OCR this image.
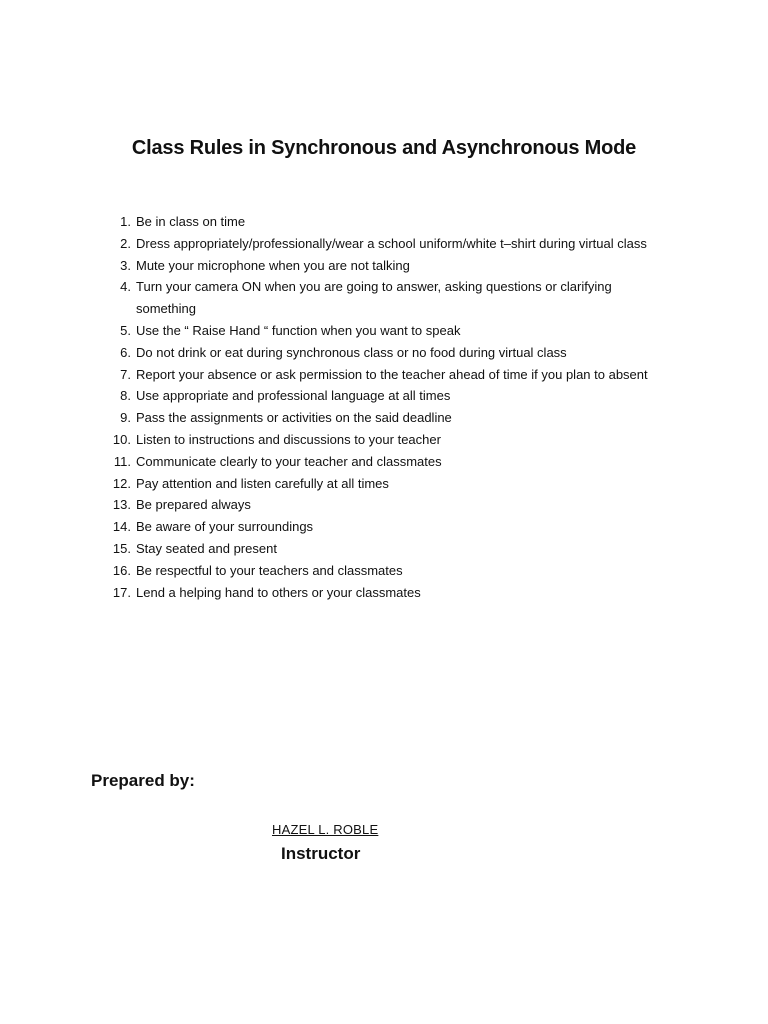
Class Rules in Synchronous and Asynchronous Mode
1. Be in class on time
2. Dress appropriately/professionally/wear a school uniform/white t–shirt during virtual class
3. Mute your microphone when you are not talking
4. Turn your camera ON when you are going to answer, asking questions or clarifying something
5. Use the “ Raise Hand “ function when you want to speak
6. Do not drink or eat during synchronous class or no food during virtual class
7. Report your absence or ask permission to the teacher ahead of time if you plan to absent
8. Use appropriate and professional language at all times
9. Pass the assignments or activities on the said deadline
10. Listen to instructions and discussions to your teacher
11. Communicate clearly to your teacher and classmates
12. Pay attention and listen carefully at all times
13. Be prepared always
14. Be aware of your surroundings
15. Stay seated and present
16. Be respectful to your teachers and classmates
17. Lend a helping hand to others or your classmates
Prepared by:
HAZEL L. ROBLE
Instructor
